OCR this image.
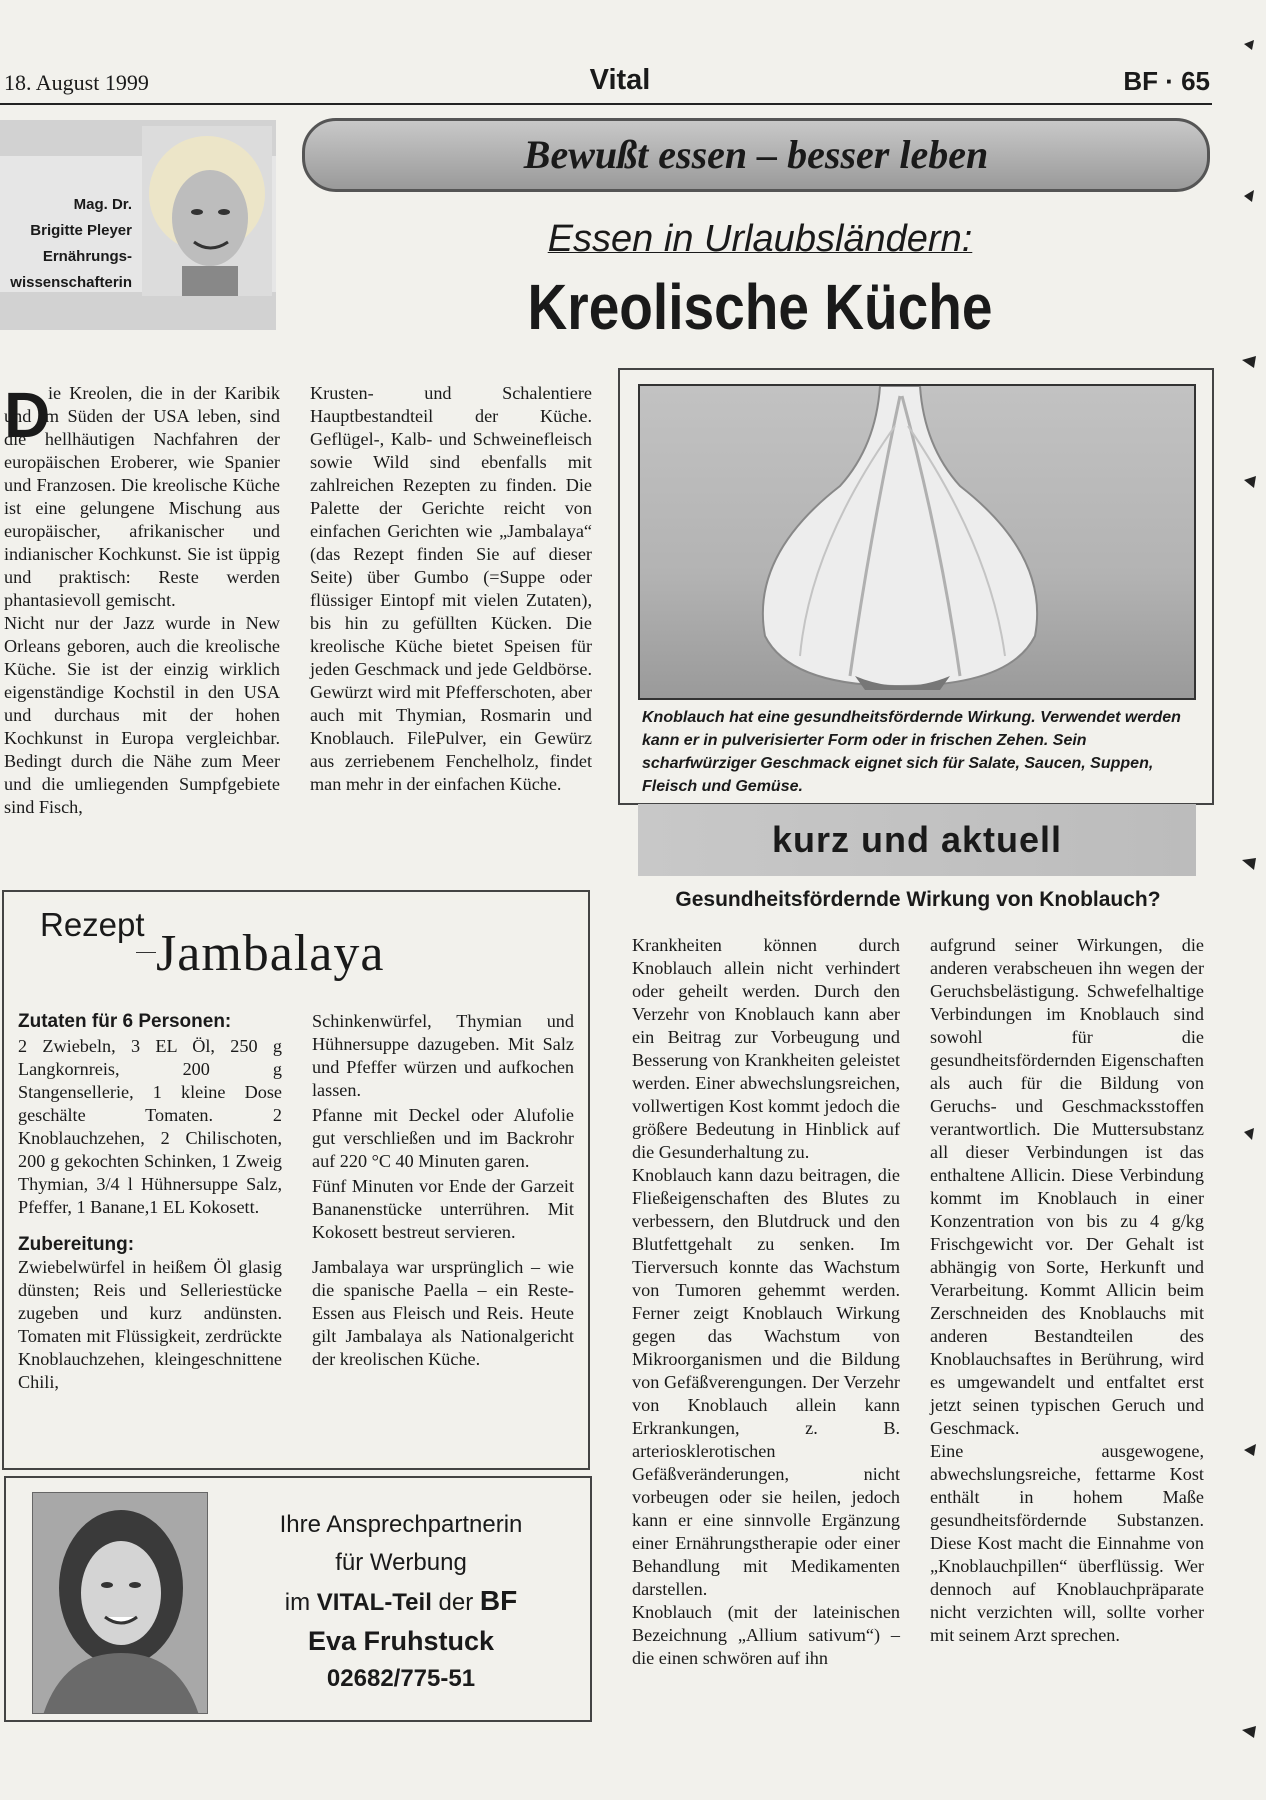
18. August 1999	Vital	BF · 65
Mag. Dr.
Brigitte Pleyer
Ernährungs-
wissenschafterin
Bewußt essen – besser leben
Essen in Urlaubsländern:
Kreolische Küche
D

ie Kreolen, die in der Karibik und im Süden der USA leben, sind die hellhäutigen Nachfahren der europäischen Eroberer, wie Spanier und Franzosen. Die kreolische Küche ist eine gelungene Mischung aus europäischer, afrikanischer und indianischer Kochkunst. Sie ist üppig und praktisch: Reste werden phantasievoll gemischt.

Nicht nur der Jazz wurde in New Orleans geboren, auch die kreolische Küche. Sie ist der einzig wirklich eigenständige Kochstil in den USA und durchaus mit der hohen Kochkunst in Europa vergleichbar. Bedingt durch die Nähe zum Meer und die umliegenden Sumpfgebiete sind Fisch,

Krusten- und Schalentiere Hauptbestandteil der Küche. Geflügel-, Kalb- und Schweinefleisch sowie Wild sind ebenfalls mit zahlreichen Rezepten zu finden. Die Palette der Gerichte reicht von einfachen Gerichten wie „Jambalaya“ (das Rezept finden Sie auf dieser Seite) über Gumbo (=Suppe oder flüssiger Eintopf mit vielen Zutaten), bis hin zu gefüllten Kücken. Die kreolische Küche bietet Speisen für jeden Geschmack und jede Geldbörse. Gewürzt wird mit Pfefferschoten, aber auch mit Thymian, Rosmarin und Knoblauch. FilePulver, ein Gewürz aus zerriebenem Fenchelholz, findet man mehr in der einfachen Küche.

Knoblauch hat eine gesundheitsfördernde Wirkung. Verwendet werden kann er in pulverisierter Form oder in frischen Zehen. Sein scharfwürziger Geschmack eignet sich für Salate, Saucen, Suppen, Fleisch und Gemüse.
Rezept
Jambalaya
Zutaten für 6 Personen:

2 Zwiebeln, 3 EL Öl, 250 g Langkornreis, 200 g Stangensellerie, 1 kleine Dose geschälte Tomaten. 2 Knoblauchzehen, 2 Chilischoten, 200 g gekochten Schinken, 1 Zweig Thymian, 3/4 l Hühnersuppe Salz, Pfeffer, 1 Banane,1 EL Kokosett.

Zubereitung:

Zwiebelwürfel in heißem Öl glasig dünsten; Reis und Selleriestücke zugeben und kurz andünsten. Tomaten mit Flüssigkeit, zerdrückte Knoblauchzehen, kleingeschnittene Chili,

Schinkenwürfel, Thymian und Hühnersuppe dazugeben. Mit Salz und Pfeffer würzen und aufkochen lassen.

Pfanne mit Deckel oder Alufolie gut verschließen und im Backrohr auf 220 °C 40 Minuten garen.

Fünf Minuten vor Ende der Garzeit Bananenstücke unterrühren. Mit Kokosett bestreut servieren.

Jambalaya war ursprünglich – wie die spanische Paella – ein Reste-Essen aus Fleisch und Reis. Heute gilt Jambalaya als Nationalgericht der kreolischen Küche.

Ihre Ansprechpartnerin
für Werbung
im VITAL-Teil der BF
Eva Fruhstuck
02682/775-51
kurz und aktuell
Gesundheitsfördernde Wirkung von Knoblauch?

Krankheiten können durch Knoblauch allein nicht verhindert oder geheilt werden. Durch den Verzehr von Knoblauch kann aber ein Beitrag zur Vorbeugung und Besserung von Krankheiten geleistet werden. Einer abwechslungsreichen, vollwertigen Kost kommt jedoch die größere Bedeutung in Hinblick auf die Gesunderhaltung zu.

Knoblauch kann dazu beitragen, die Fließeigenschaften des Blutes zu verbessern, den Blutdruck und den Blutfettgehalt zu senken. Im Tierversuch konnte das Wachstum von Tumoren gehemmt werden. Ferner zeigt Knoblauch Wirkung gegen das Wachstum von Mikroorganismen und die Bildung von Gefäßverengungen. Der Verzehr von Knoblauch allein kann Erkrankungen, z. B. arteriosklerotischen Gefäßveränderungen, nicht vorbeugen oder sie heilen, jedoch kann er eine sinnvolle Ergänzung einer Ernährungstherapie oder einer Behandlung mit Medikamenten darstellen.

Knoblauch (mit der lateinischen Bezeichnung „Allium sativum“) – die einen schwören auf ihn

aufgrund seiner Wirkungen, die anderen verabscheuen ihn wegen der Geruchsbelästigung. Schwefelhaltige Verbindungen im Knoblauch sind sowohl für die gesundheitsfördernden Eigenschaften als auch für die Bildung von Geruchs- und Geschmacksstoffen verantwortlich. Die Muttersubstanz all dieser Verbindungen ist das enthaltene Allicin. Diese Verbindung kommt im Knoblauch in einer Konzentration von bis zu 4 g/kg Frischgewicht vor. Der Gehalt ist abhängig von Sorte, Herkunft und Verarbeitung. Kommt Allicin beim Zerschneiden des Knoblauchs mit anderen Bestandteilen des Knoblauchsaftes in Berührung, wird es umgewandelt und entfaltet erst jetzt seinen typischen Geruch und Geschmack.

Eine ausgewogene, abwechslungsreiche, fettarme Kost enthält in hohem Maße gesundheitsfördernde Substanzen. Diese Kost macht die Einnahme von „Knoblauchpillen“ überflüssig. Wer dennoch auf Knoblauchpräparate nicht verzichten will, sollte vorher mit seinem Arzt sprechen.
